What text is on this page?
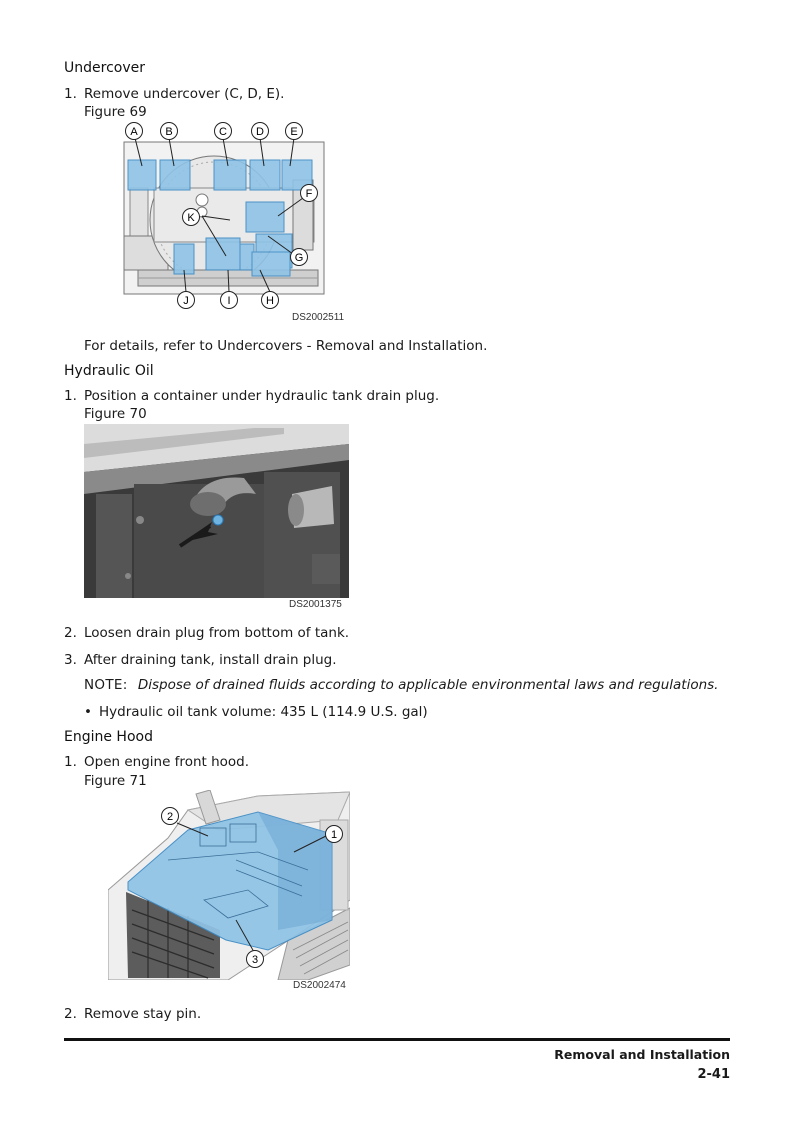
Undercover
1. Remove undercover (C, D, E).
Figure 69
A	B	C	D E
F
G
H
I
J
K
DS2002511
For details, refer to Undercovers - Removal and Installation.
Hydraulic Oil
1. Position a container under hydraulic tank drain plug.
Figure 70
DS2001375
2. Loosen drain plug from bottom of tank.
3. After draining tank, install drain plug.
NOTE: Dispose of drained fluids according to applicable environmental laws and regulations.
• Hydraulic oil tank volume: 435 L (114.9 U.S. gal)
Engine Hood
1. Open engine front hood.
Figure 71
1
2
3
DS2002474
2. Remove stay pin.
Removal and Installation
2-41
